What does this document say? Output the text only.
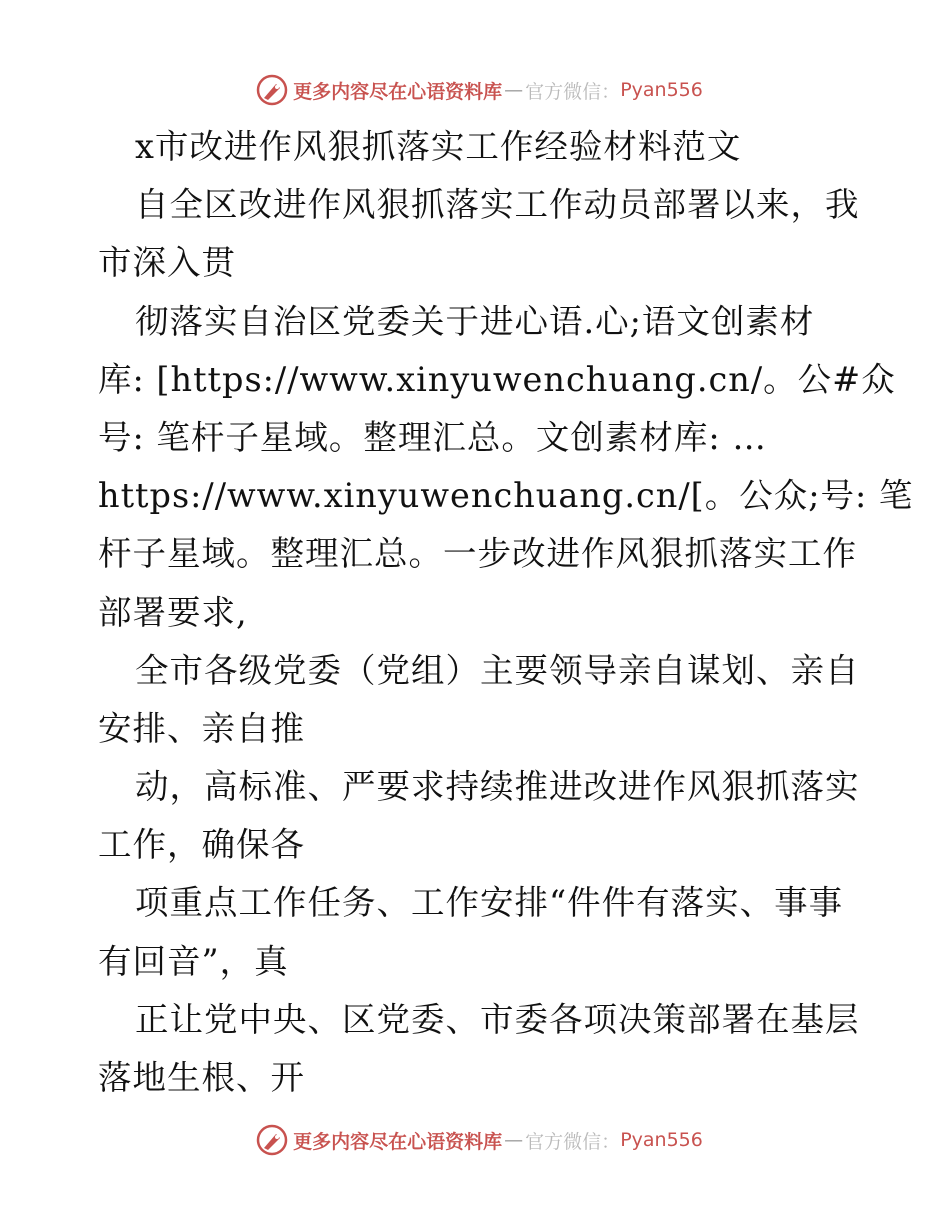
更多内容尽在心语资料库 — 官方微信： Pyan556
x市改进作风狠抓落实工作经验材料范文
自全区改进作风狠抓落实工作动员部署以来，我
市深入贯
彻落实自治区党委关于进心语.心;语文创素材
库: [https://www.xinyuwenchuang.cn/。公#众
号: 笔杆子星域。整理汇总。文创素材库: …
https://www.xinyuwenchuang.cn/[。公众;号: 笔
杆子星域。整理汇总。一步改进作风狠抓落实工作
部署要求,
全市各级党委（党组）主要领导亲自谋划、亲自
安排、亲自推
动，高标准、严要求持续推进改进作风狠抓落实
工作，确保各
项重点工作任务、工作安排“件件有落实、事事
有回音”，真
正让党中央、区党委、市委各项决策部署在基层
落地生根、开
更多内容尽在心语资料库 — 官方微信： Pyan556
